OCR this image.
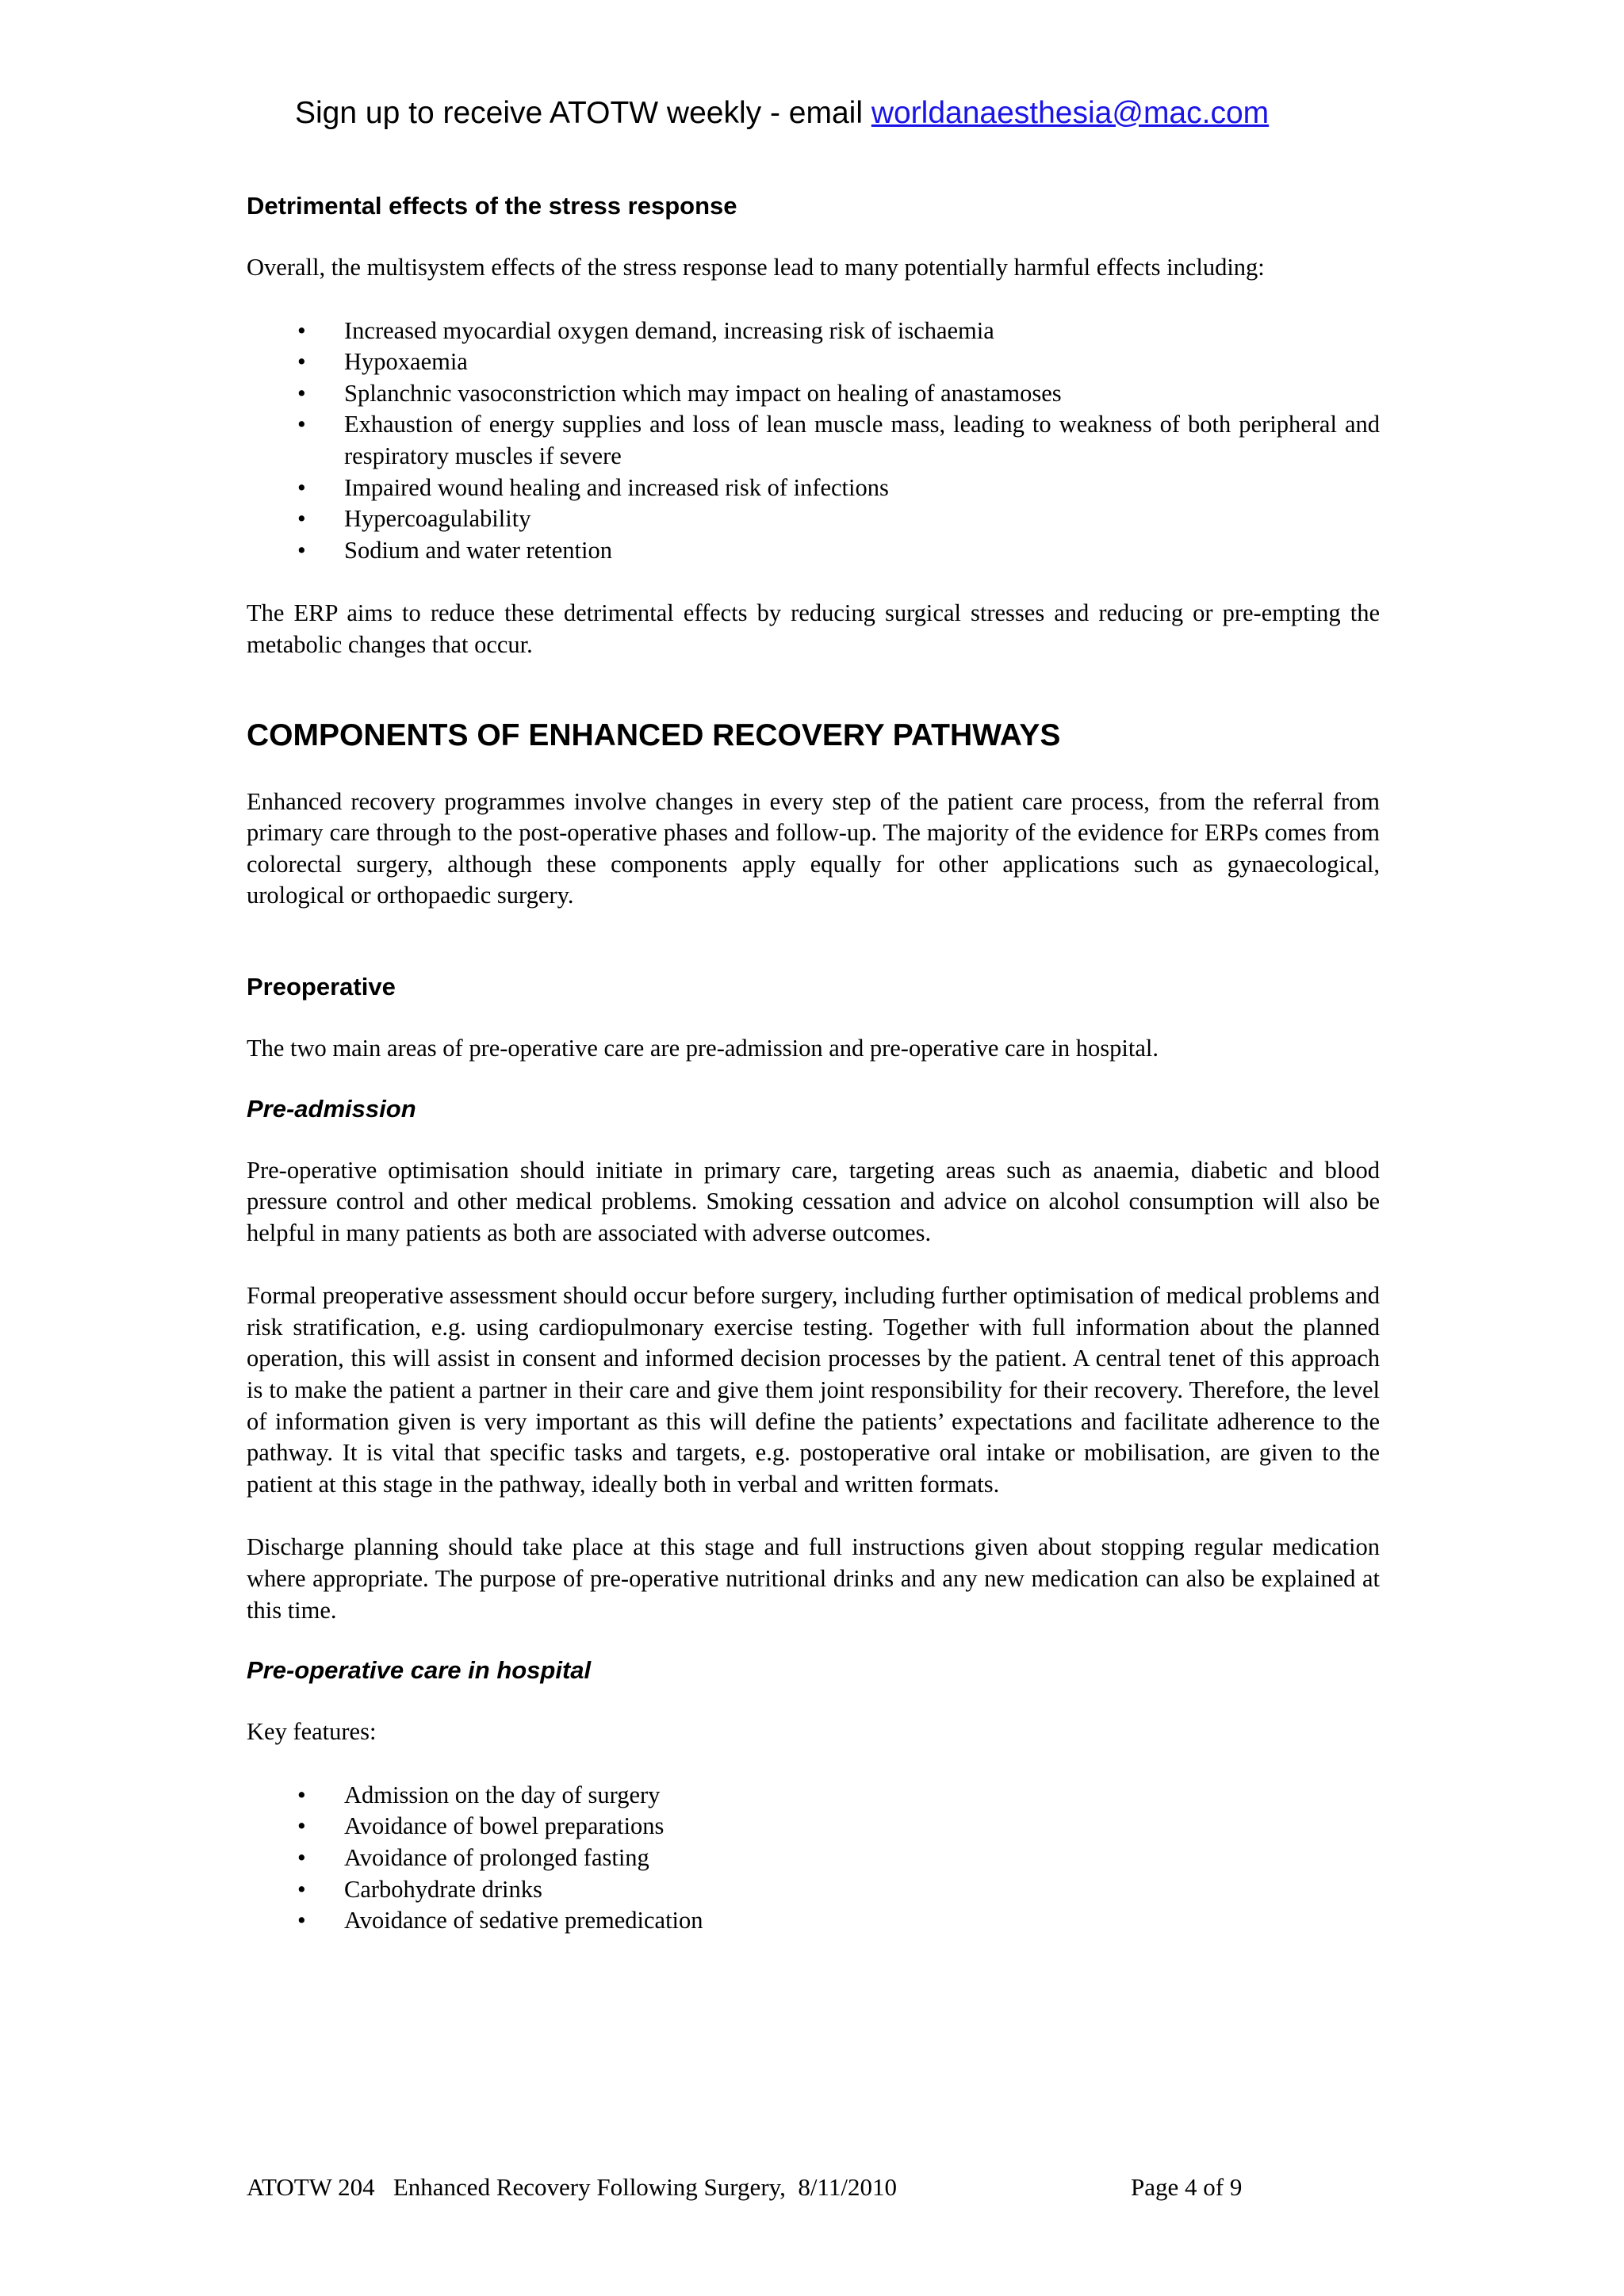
Sign up to receive ATOTW weekly - email worldanaesthesia@mac.com
Detrimental effects of the stress response

Overall, the multisystem effects of the stress response lead to many potentially harmful effects including:

• Increased myocardial oxygen demand, increasing risk of ischaemia
• Hypoxaemia
• Splanchnic vasoconstriction which may impact on healing of anastamoses
• Exhaustion of energy supplies and loss of lean muscle mass, leading to weakness of both peripheral and respiratory muscles if severe
• Impaired wound healing and increased risk of infections
• Hypercoagulability
• Sodium and water retention

The ERP aims to reduce these detrimental effects by reducing surgical stresses and reducing or pre-empting the metabolic changes that occur.

COMPONENTS OF ENHANCED RECOVERY PATHWAYS

Enhanced recovery programmes involve changes in every step of the patient care process, from the referral from primary care through to the post-operative phases and follow-up. The majority of the evidence for ERPs comes from colorectal surgery, although these components apply equally for other applications such as gynaecological, urological or orthopaedic surgery.

Preoperative

The two main areas of pre-operative care are pre-admission and pre-operative care in hospital.

Pre-admission

Pre-operative optimisation should initiate in primary care, targeting areas such as anaemia, diabetic and blood pressure control and other medical problems. Smoking cessation and advice on alcohol consumption will also be helpful in many patients as both are associated with adverse outcomes.

Formal preoperative assessment should occur before surgery, including further optimisation of medical problems and risk stratification, e.g. using cardiopulmonary exercise testing. Together with full information about the planned operation, this will assist in consent and informed decision processes by the patient. A central tenet of this approach is to make the patient a partner in their care and give them joint responsibility for their recovery. Therefore, the level of information given is very important as this will define the patients’ expectations and facilitate adherence to the pathway. It is vital that specific tasks and targets, e.g. postoperative oral intake or mobilisation, are given to the patient at this stage in the pathway, ideally both in verbal and written formats.

Discharge planning should take place at this stage and full instructions given about stopping regular medication where appropriate. The purpose of pre-operative nutritional drinks and any new medication can also be explained at this time.

Pre-operative care in hospital

Key features:

• Admission on the day of surgery
• Avoidance of bowel preparations
• Avoidance of prolonged fasting
• Carbohydrate drinks
• Avoidance of sedative premedication
ATOTW 204   Enhanced Recovery Following Surgery,  8/11/2010	Page 4 of 9
